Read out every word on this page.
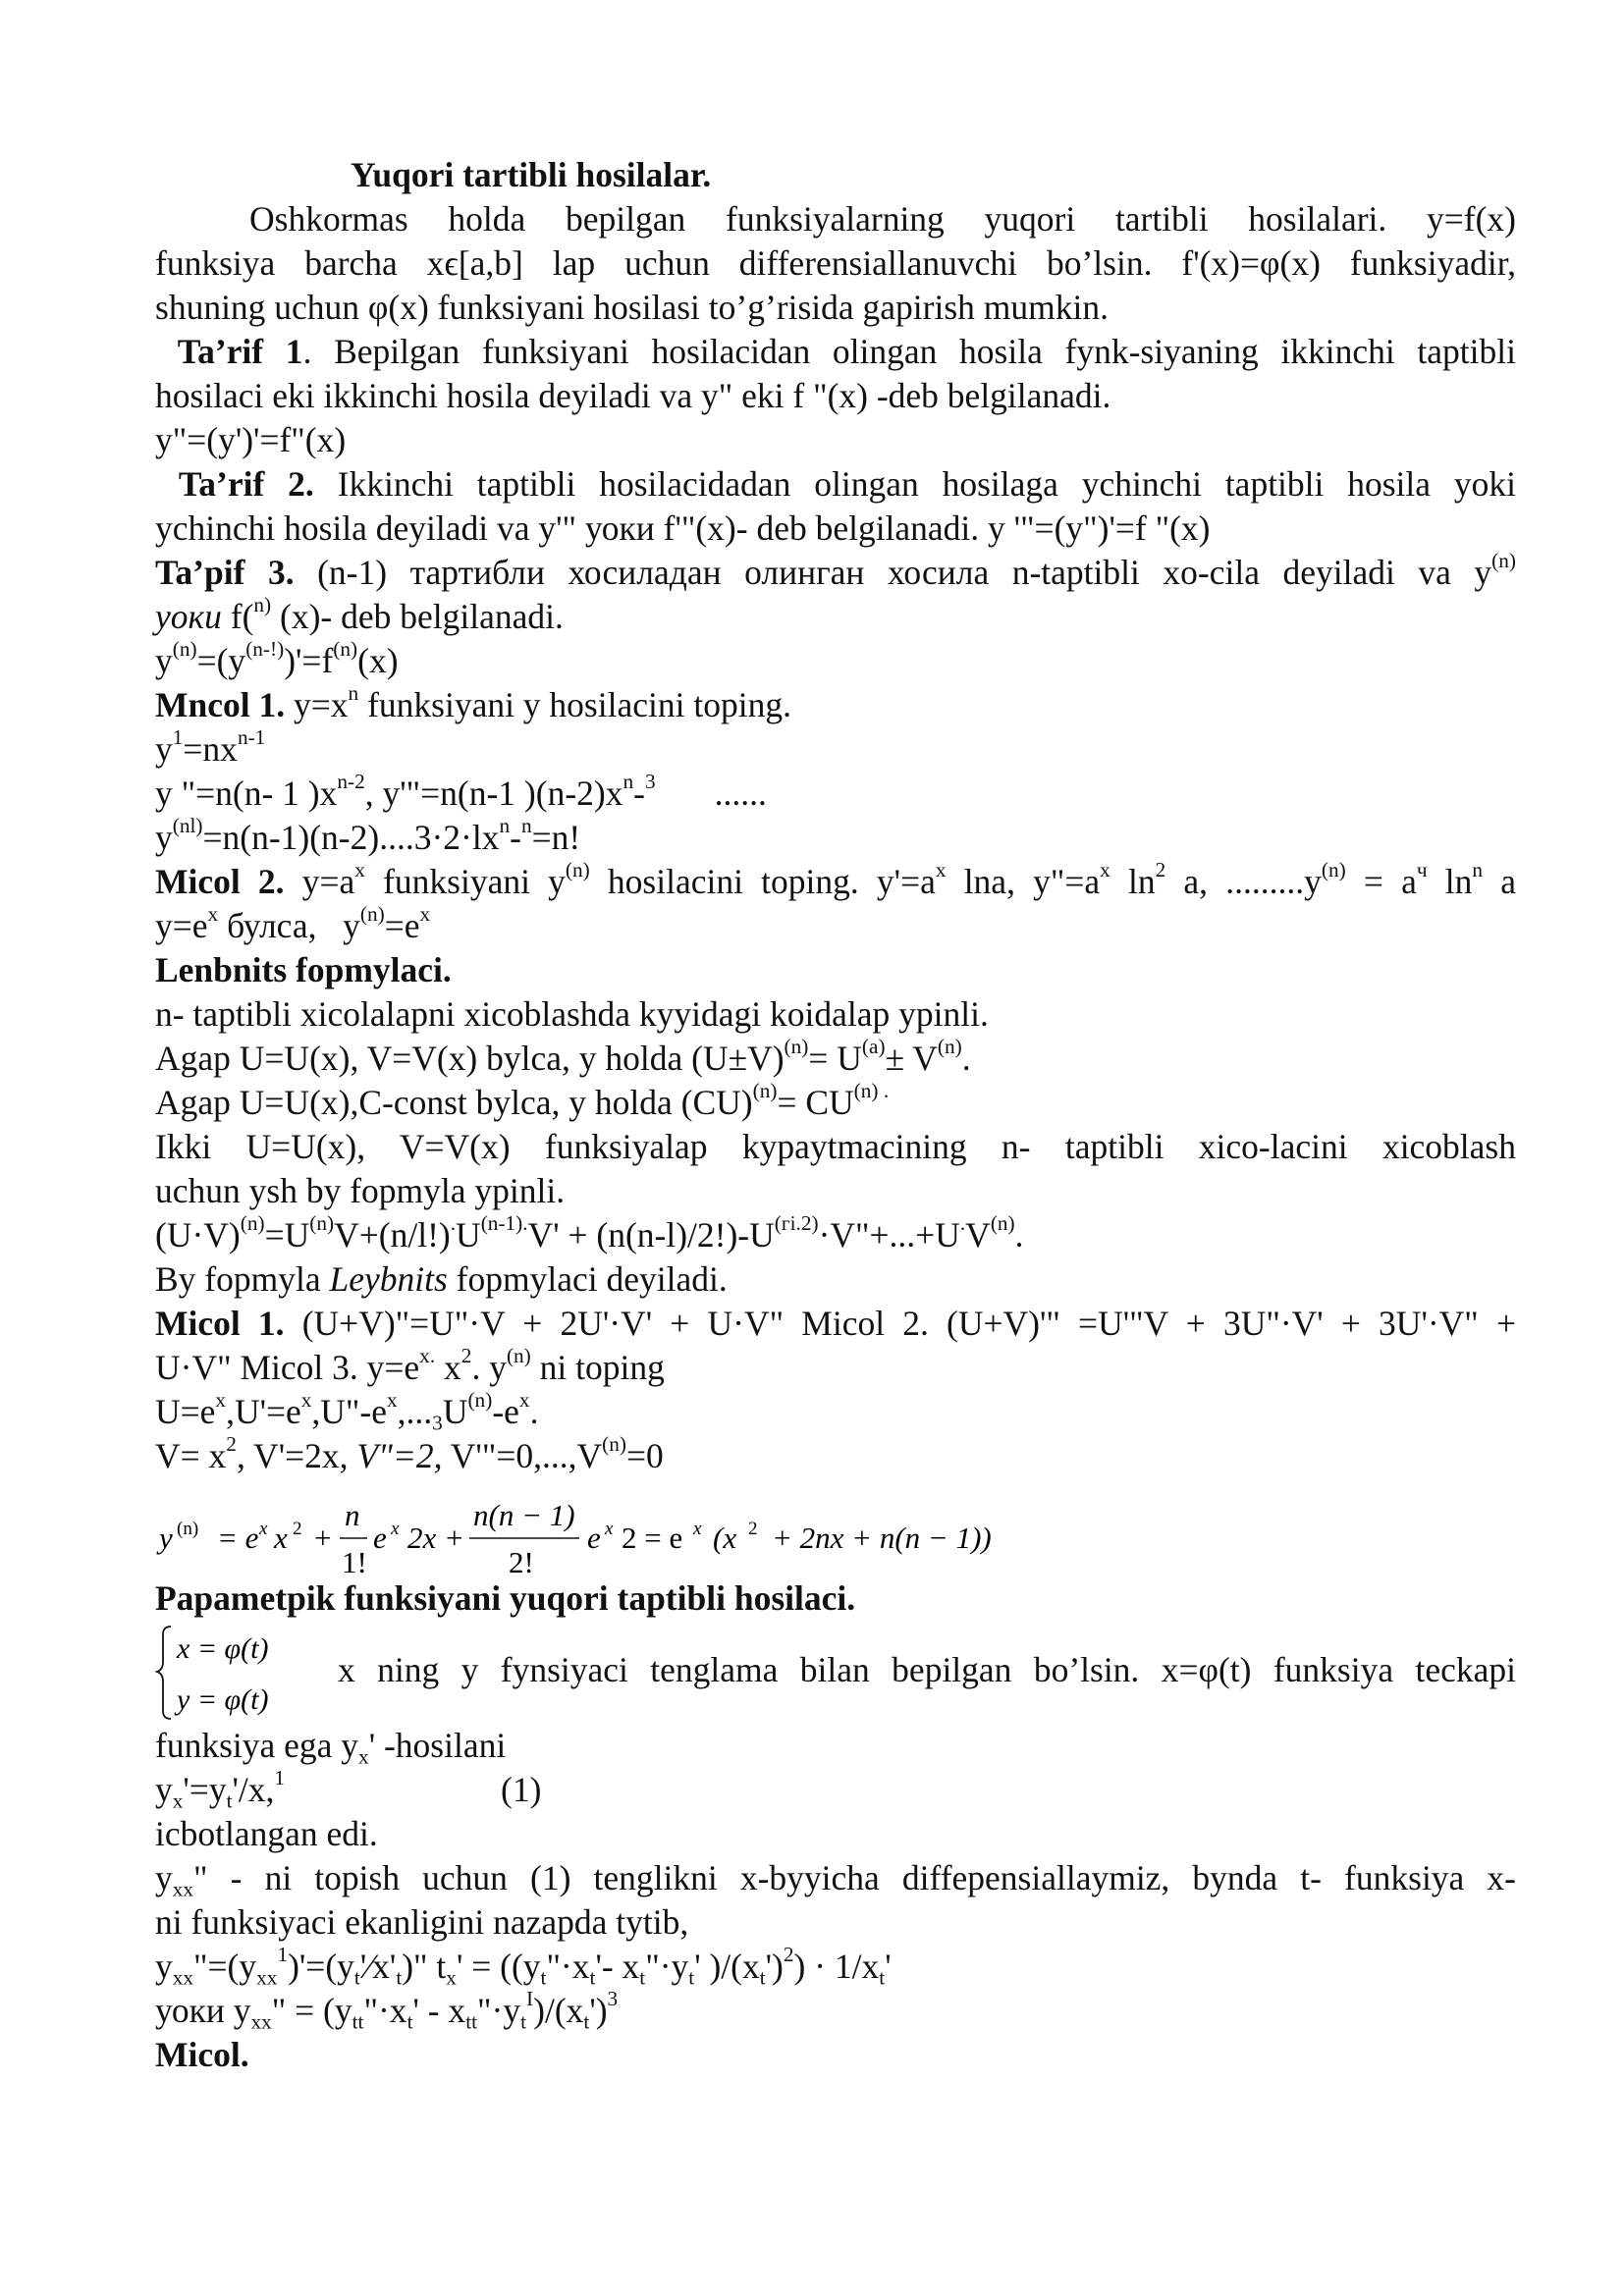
Yuqori tartibli hosilalar.
Oshkormas holda bepilgan funksiyalarning yuqori tartibli hosilalari. y=f(x)
funksiya barcha xϵ[a,b] lap uchun differensiallanuvchi bo’lsin. f'(x)=φ(x) funksiyadir,
shuning uchun φ(x) funksiyani hosilasi to’g’risida gapirish mumkin.
Ta’rif 1. Bepilgan funksiyani hosilacidan olingan hosila fynk-siyaning ikkinchi taptibli
hosilaci eki ikkinchi hosila deyiladi va y" eki f "(x) -deb belgilanadi.
y"=(y')'=f"(x)
Ta’rif 2. Ikkinchi taptibli hosilacidadan olingan hosilaga ychinchi taptibli hosila yoki
ychinchi hosila deyiladi va y'" уоки f'"(x)- deb belgilanadi. y '"=(y")'=f "(x)
Ta’pif 3. (n-1) тартибли хосиладан олинган хосила n-taptibli xo-cila deyiladi va $y^{(n)}$
уоки f($^{n)}$ (x)- deb belgilanadi.
$y^{(n)}=(y^{(n-!)})'=f^{(n)}(x)$
Mncol 1. $y=x^n$ funksiyani y hosilacini toping.
$y^1=nx^{n-1}$
y "=n(n- 1 )$x^{n-2}$, y'"=n(n-1 )$(n-2)x^n-^3$ ......
$y^{(nl)}=n(n-1)(n-2)....3\cdot 2\cdot lx^n-^n=n$!
Micol 2. $y=a^x$ funksiyani $y^{(n)}$ hosilacini toping. $y'=a^x$ lna, $y"=a^x$ $\ln^2 a$, $.........y^{(n)} = a^ч$ $\ln^n a$
$y=e^x$ булса, $y^{(n)}=e^x$
Lenbnits fopmylaci.
n- taptibli xicolalapni xicoblashda kyyidagi koidalap ypinli.
Agap U=U(x), V=V(x) bylca, y holda $(U\pm V)^{(n)}= U^{(a)}\pm V^{(n)}$.
Agap U=U(x),C-const bylca, y holda $(CU)^{(n)}= CU^{(n) .}$
Ikki U=U(x), V=V(x) funksiyalap kypaytmacining n- taptibli xico-lacini xicoblash
uchun ysh by fopmyla ypinli.
$(U\cdot V)^{(n)}=U^{(n)}V+(n/l!)^.U^{(n-1).}V'$ + $(n(n-l)/2!)-U^{(гі.2)}\cdot V"+...+U^.V^{(n)}$.
By fopmyla Leybnits fopmylaci deyiladi.
Micol 1. (U+V)"=U"·V + 2U'·V' + U·V" Micol 2. (U+V)'" =U'"V + 3U"·V' + 3U'·V" +
U·V" Micol 3. $y=e^{x.}$ $x^2$. $y^{(n)}$ ni toping
$U=e^x,U'=e^x,U"-e^x,..._3U^{(n)}-e^x$.
$V= x^2$, V'=2x, V"=2, $V'"=0,...,V^{(n)}=0$
y (n) = e x x 2 +
n
1!
e x 2x +
n(n − 1)
2!
e x 2 = e x (x 2 + 2nx + n(n − 1))
Papametpik funksiyani yuqori taptibli hosilaci.
x = φ(t)
y = φ(t)
x ning y fynsiyaci tenglama bilan bepilgan bo’lsin. x=φ(t) funksiya teckapi
funksiya ega $y_x'$ -hosilani
$y_x'=y_t'/x,^1$	(1)
icbotlangan edi.
$y_{xx}$" - ni topish uchun (1) tenglikni x-byyicha diffepensiallaymiz, bynda t- funksiya x-
ni funksiyaci ekanligini nazapda tytib,
$y_{xx}"=(y_{xx}^1)'=(y_t'⁄x'_t)$" $t_x'$ = (($y_t"\cdot x_t'-$ $x_t"\cdot y_t'$ )$/(x_t')^2) \cdot 1/x_t'$
уоки $y_{xx}$" = ($y_{tt}"\cdot x_t'$ - $x_{tt}"\cdot y_t^I)/(x_t')^3$
Micol.
